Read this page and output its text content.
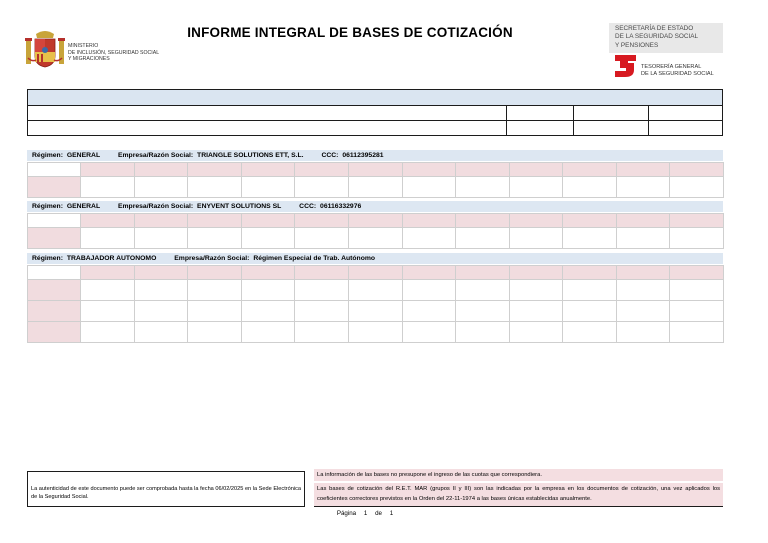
MINISTERIO
DE INCLUSIÓN, SEGURIDAD SOCIAL
Y MIGRACIONES
INFORME INTEGRAL DE BASES DE COTIZACIÓN	SECRETARÍA DE ESTADO
DE LA SEGURIDAD SOCIAL
Y PENSIONES
TESORERÍA GENERAL
DE LA SEGURIDAD SOCIAL

Régimen: GENERAL	Empresa/Razón Social: TRIANGLE SOLUTIONS ETT, S.L.	CCC: 06112395281

Régimen: GENERAL	Empresa/Razón Social: ENYVENT SOLUTIONS SL	CCC: 06116332976

Régimen: TRABAJADOR AUTONOMO	Empresa/Razón Social: Régimen Especial de Trab. Autónomo

La autenticidad de este documento puede ser comprobada hasta la fecha 06/02/2025 en la Sede Electrónica de la Seguridad Social.
La información de las bases no presupone el ingreso de las cuotas que correspondiera.
Las bases de cotización del R.E.T. MAR (grupos II y III) son las indicadas por la empresa en los documentos de cotización, una vez aplicados los coeficientes correctores previstos en la Orden del 22-11-1974 a las bases únicas establecidas anualmente.
Página 1 de 1
